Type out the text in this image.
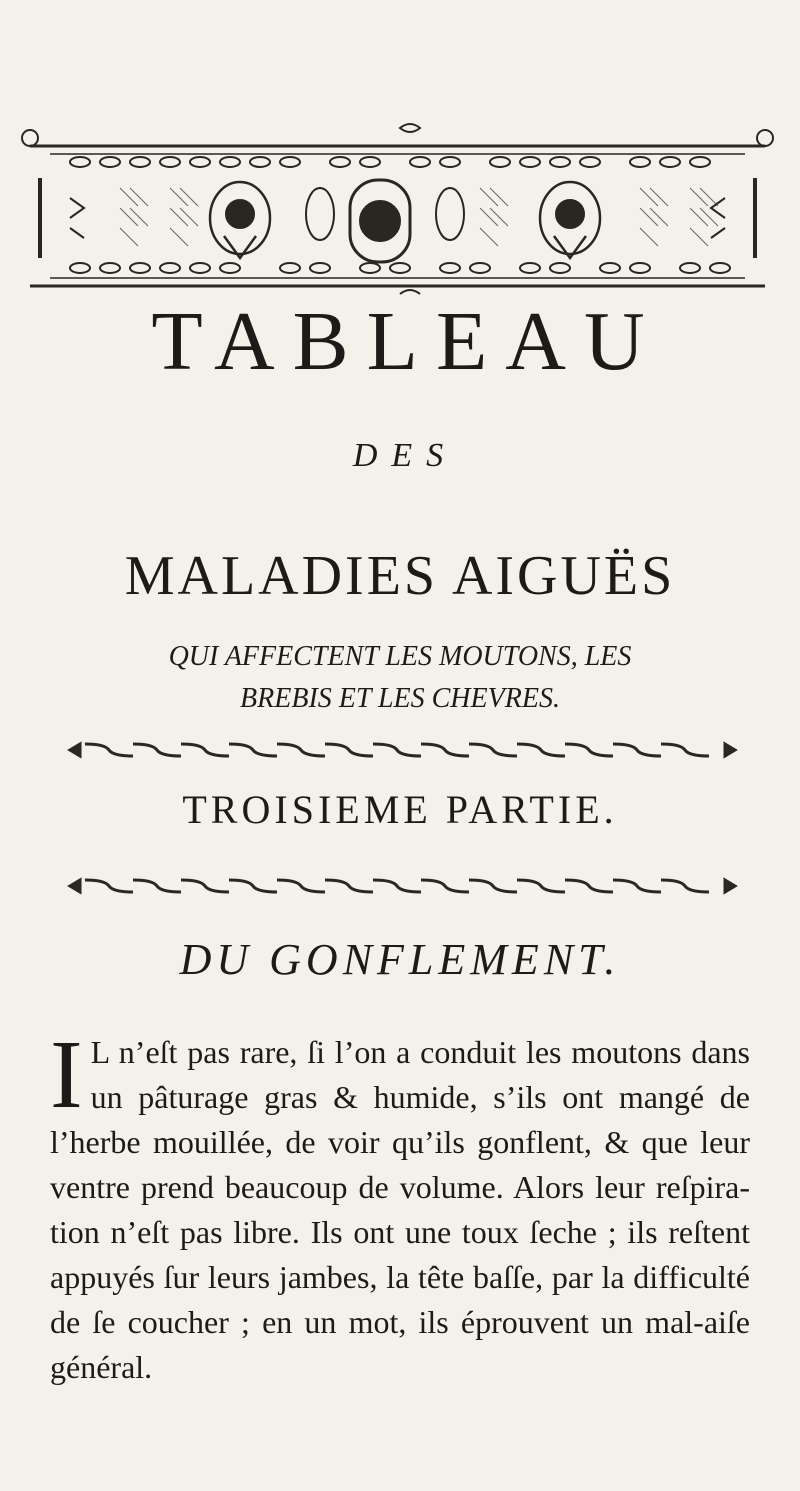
TABLEAU
DES
MALADIES AIGUËS
QUI AFFECTENT LES MOUTONS, LES
BREBIS ET LES CHEVRES.
TROISIEME PARTIE.
DU GONFLEMENT.
I L n’eſt pas rare, ſi l’on a conduit les moutons dans un pâturage gras & humide, s’ils ont mangé de l’herbe mouillée, de voir qu’ils gonflent, & que leur ventre prend beaucoup de volume. Alors leur reſpira-tion n’eſt pas libre. Ils ont une toux ſeche ; ils reſtent appuyés ſur leurs jambes, la tête baſſe, par la difficulté de ſe coucher ; en un mot, ils éprouvent un mal-aiſe général.
